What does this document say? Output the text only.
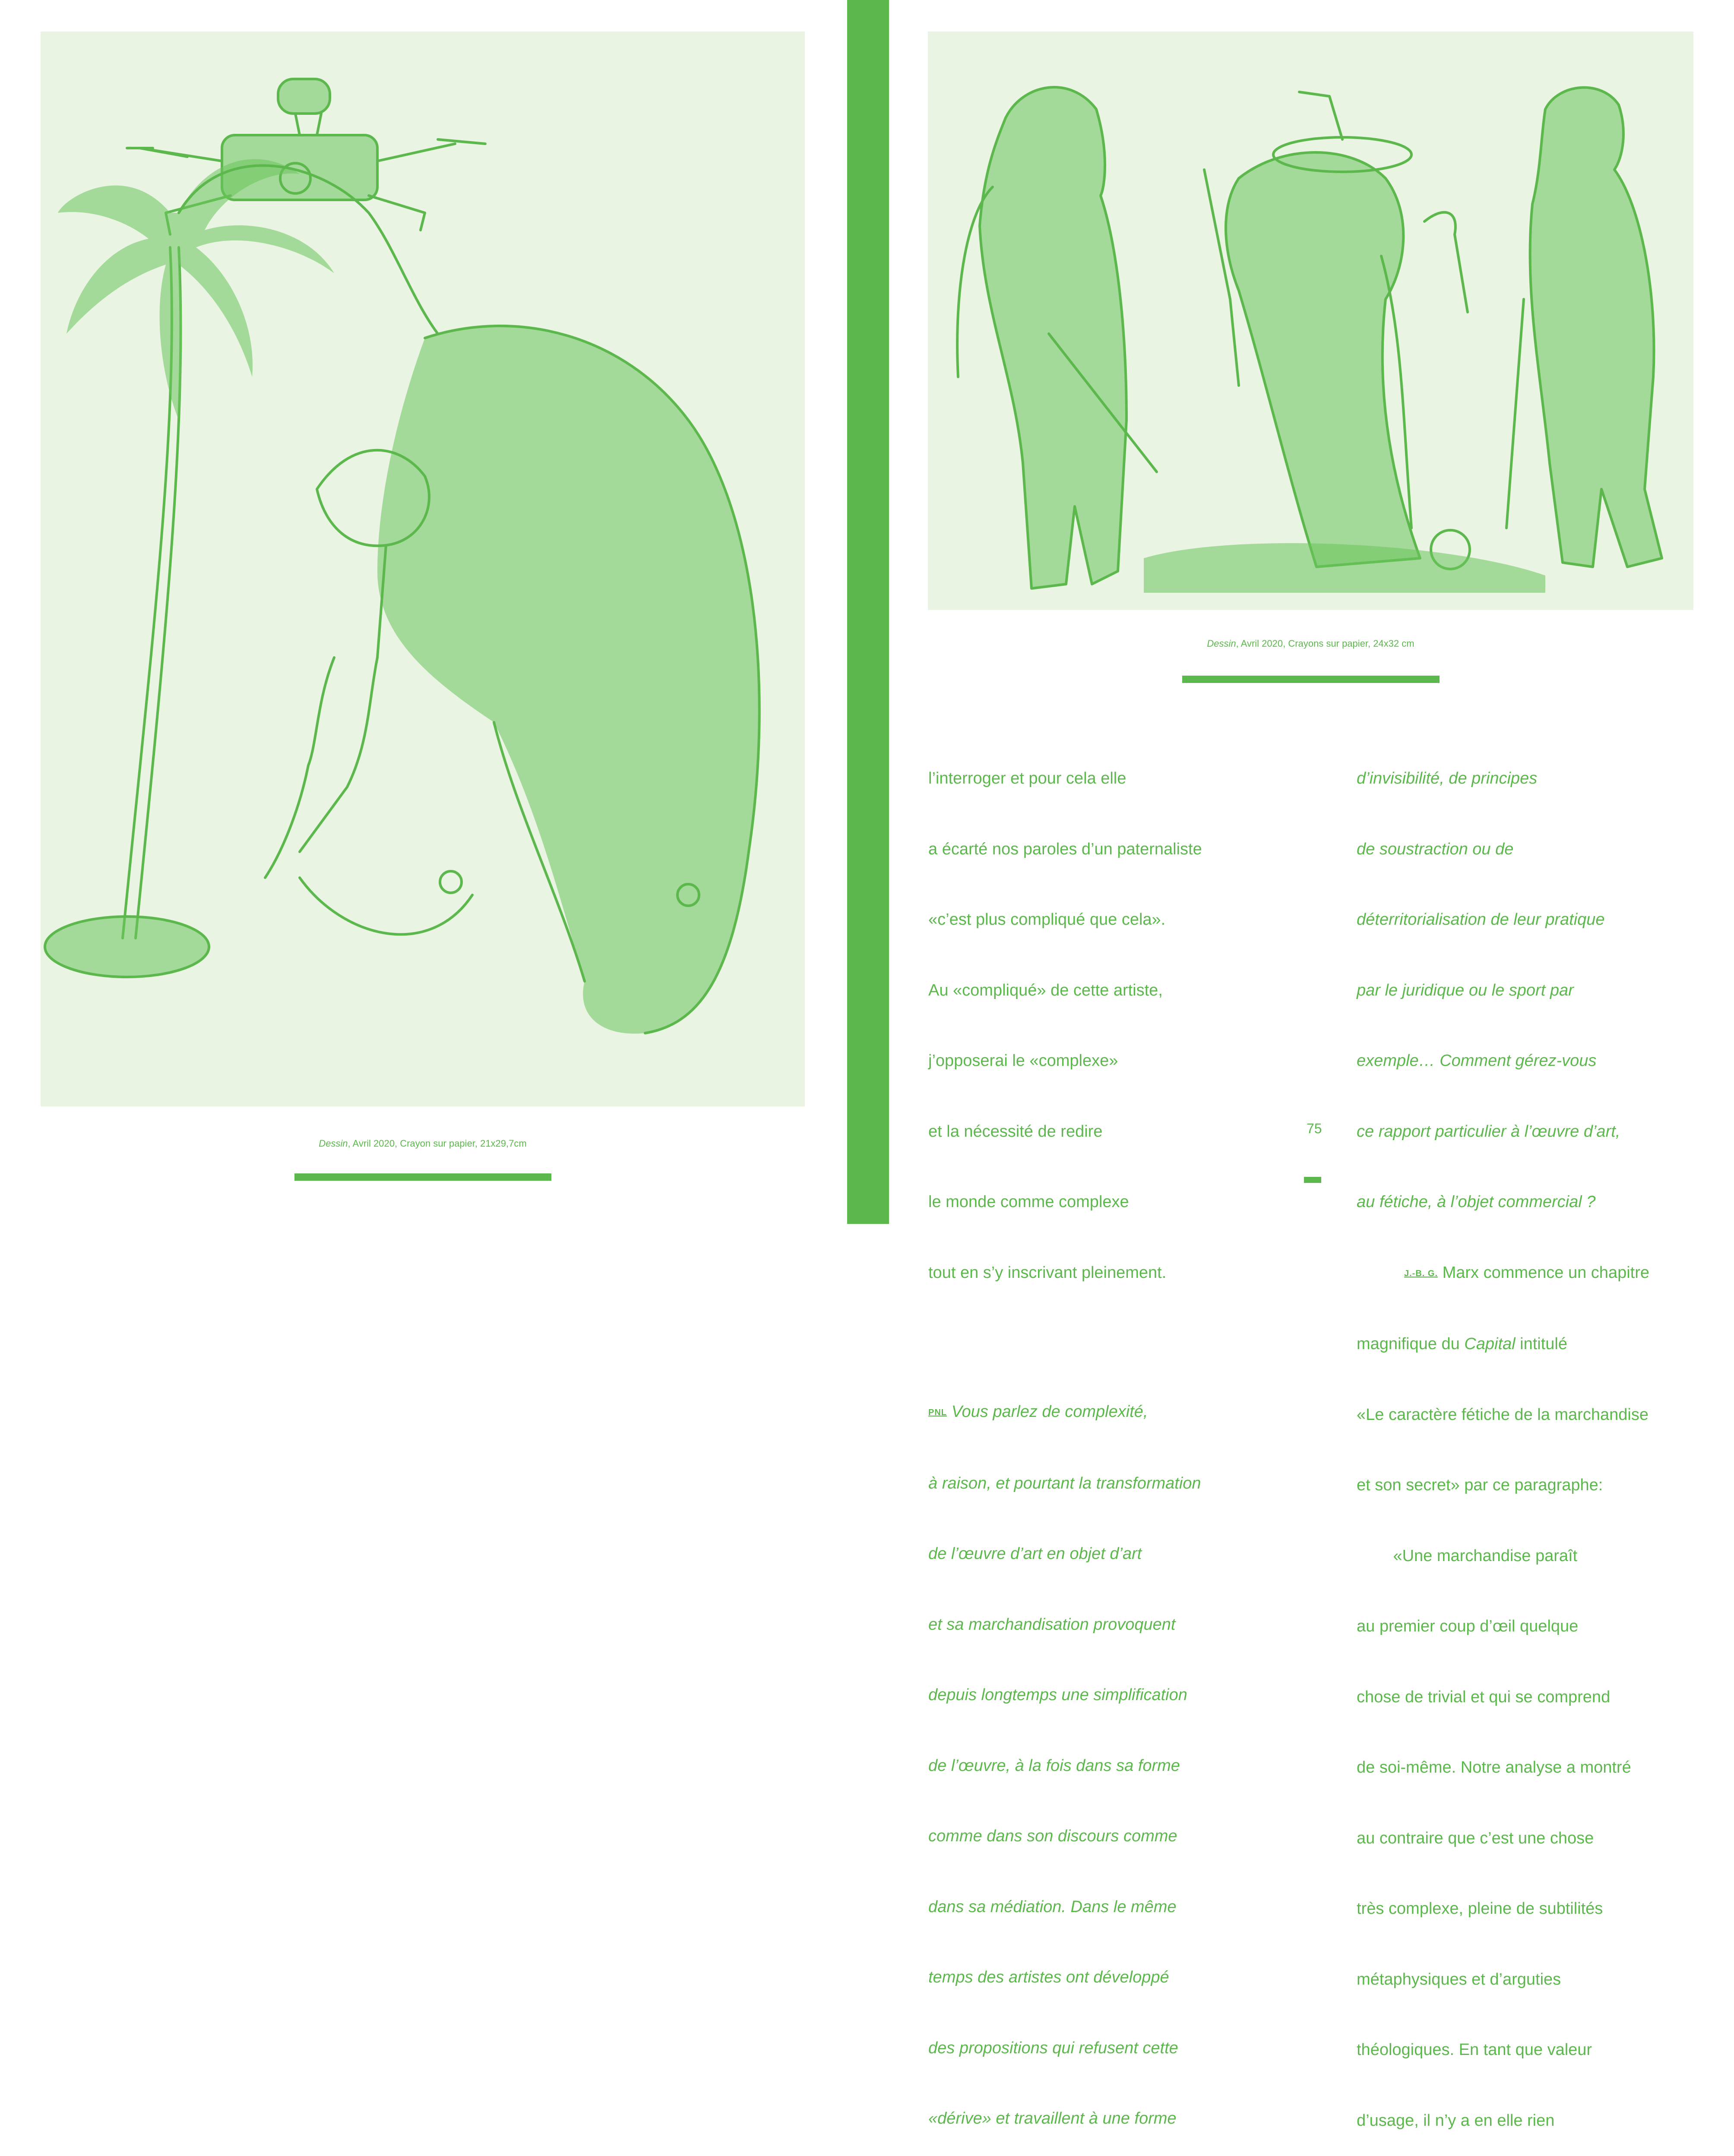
Dessin, Avril 2020, Crayon sur papier, 21x29,7cm
Dessin, Avril 2020, Crayons sur papier, 24x32 cm

l’interroger et pour cela elle

a écarté nos paroles d’un paternaliste

«c’est plus compliqué que cela».

Au «compliqué» de cette artiste,

j’opposerai le «complexe»

et la nécessité de redire

le monde comme complexe

tout en s’y inscrivant pleinement.

PNL Vous parlez de complexité,

à raison, et pourtant la transformation

de l’œuvre d’art en objet d’art

et sa marchandisation provoquent

depuis longtemps une simplification

de l’œuvre, à la fois dans sa forme

comme dans son discours comme

dans sa médiation. Dans le même

temps des artistes ont développé

des propositions qui refusent cette

«dérive» et travaillent à une forme

75

d’invisibilité, de principes

de soustraction ou de

déterritorialisation de leur pratique

par le juridique ou le sport par

exemple… Comment gérez-vous

ce rapport particulier à l’œuvre d’art,

au fétiche, à l’objet commercial ?

J.-B. G. Marx commence un chapitre

magnifique du Capital intitulé

«Le caractère fétiche de la marchandise

et son secret» par ce paragraphe:

«Une marchandise paraît

au premier coup d’œil quelque

chose de trivial et qui se comprend

de soi-même. Notre analyse a montré

au contraire que c’est une chose

très complexe, pleine de subtilités

métaphysiques et d’arguties

théologiques. En tant que valeur

d’usage, il n’y a en elle rien
